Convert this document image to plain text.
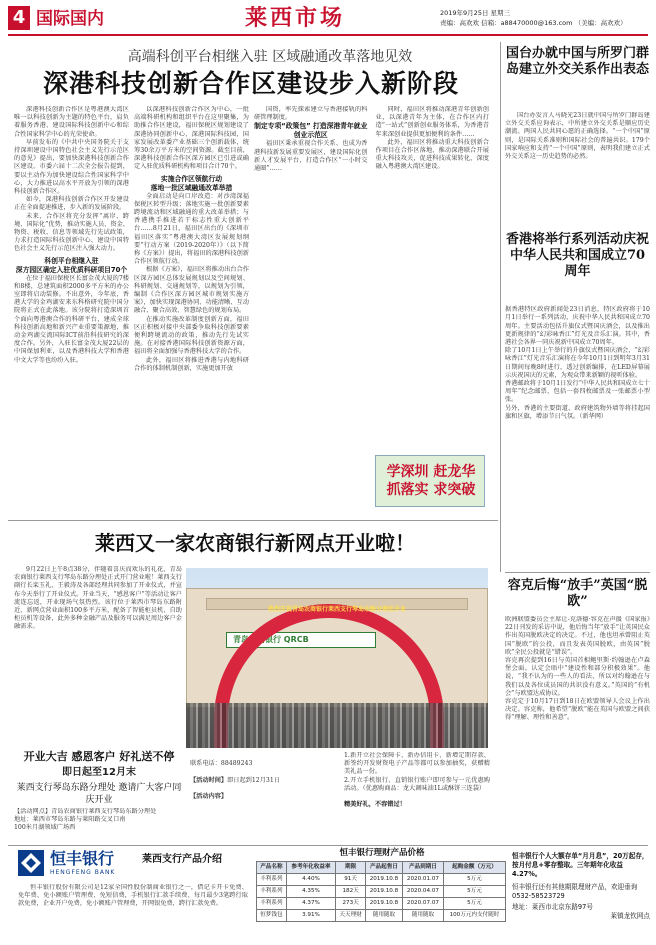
4 国际国内	莱西市场	2019年9月25日 星期三
责编：高欢欢 信箱：a88470000@163.com （美编：高欢欢）
高端科创平台相继入驻 区域融通改革落地见效
深港科技创新合作区建设步入新阶段

深港科技创新合作区是粤港澳大湾区唯一以科技创新为主题的特色平台，肩负着服务香港、建设国际科技创新中心和综合性国家科学中心的光荣使命。

早前发布的《中共中央国务院关于支持深圳建设中国特色社会主义先行示范区的意见》提出，要加快深港科技创新合作区建设。市委六届十二次全会报告提到，要以主动作为加快建设综合性国家科学中心，大力推进以高水平开放为引领的深港科技创新合作区。

如今，深港科技创新合作区开发建设正在全面提速推进，步入新的发展阶段。

未来，合作区将充分发挥“离岸、跨境、国际化”优势，推动实施人员、资金、物资、税收、信息等领域先行先试政策，力求打造国际科技创新中心、建设中国特色社会主义先行示范区注入强大动力。

科创平台相继入驻
深方园区确定入驻优质科研项目70个

在位于福田保税区长富金茂大厦的7楼和8楼，总建筑面积2000多平方米的办公室即将启动装修。不出意外，今年底，香港大学的金鸡湖安来东科格研究院中国分院将正式在此落地。该分院将打造深圳首个面向粤港澳合作的科研平台，建成全球科技创新高地和新兴产业重要策源地，推动金鸡湖交流国际ICT前沿科技研究的深度合作。另外，入驻长富金茂大厦22层的中国保加利亚，以及香港科技大学和香港中文大学等也纷纷入驻。

以深港科技创新合作区为中心，一批高端科研机构和组织平台在这里聚集，为助推合作区建设，福田保税区规划建设了深港协同创新中心、深港国际科技园，国家发展改革委产业基础三个创新载体，统筹30余万平方米的空间资源。截至目前，深港科技创新合作区深方园区已引进或确定入驻优质科研机构和项目合计70个。

实施合作区领航行动
落地一批区域融通改革举措

全面启动是向口岸改造：对沙湾深福保税区转型升级；落地实施一批创新要素跨境流动和区域融通的重大改革举措；与香港携手推进若干标志性重大创新平台……8月21日，福田区出台的《深圳市福田区落实“粤港澳大湾区发展规划纲要”行动方案（2019-2020年）》（以下简称《方案》）提出，将福田的深港科技创新合作区领航行动。

根据《方案》，福田区将推动出台合作区深方园区总体发展规划以及空间规划、科研规划、交通规划等，以规划为引领，编制《合作区深方园区城市规划实施方案》，加快实现深港协同、功能清晰、互动融合、聚合高效、智慧绿色的规划布局。

在推动实施改革制度创新方面，福田区正积极对接中央部委争取科技创新要素便利跨境流动的政策，推动先行先试实施。在对接香港国际科技创新资源方面，福田将全面加强与香港科技大学的合作。

此外，福田区将推进香港与内地科研合作的体制机制创新，实施更加开放

国资，率先探索建立与香港接轨的科研管理制度。

制定专项“政策包” 打造深港青年就业创业示范区

福田区秉承重视合作关系、也成为香港科技新发展重要发展区，建设国际化创新人才发展平台，打造合作区“一小时交通圈”……

同时，福田区将推动深港青年创新创业，以深港青年为主体，在合作区内打造“一站式”创新创业服务体系，为香港青年来深创业提供更加便利的条件……

此外，福田区将推动重大科技创新合作项目在合作区落地，推动深港联合开展重大科技攻关，促进科技成果转化，深度融入粤港澳大湾区建设。

学深圳 赶龙华
抓落实 求突破
国台办就中国与所罗门群岛建立外交关系作出表态
国台办发言人马晓光23日就中国与所罗门群岛建立外交关系应询表示，中所建立外交关系是顺应历史潮流、两国人民共同心愿的正确选择。“一个中国”原则，是国际关系准则和国际社会的普遍共识。179个国家响应和支持“一个中国”原则，表明我们建立正式外交关系这一历史趋势的必然。
香港将举行系列活动庆祝中华人民共和国成立70周年

据香港特区政府新闻处23日消息，特区政府将于10月1日举行一系列活动，庆祝中华人民共和国成立70周年。主要活动包括升旗仪式暨国庆酒会，以及推出更新规律的“幻彩咏香江”灯光及音乐汇演。其中，香港社会各界一同庆祝新中国成立70周年。
除了10月1日上午举行的升旗仪式暨国庆酒会，“幻彩咏香江”灯光音乐汇演将在今年10月1日到明年3月31日期间每晚8时进行，透过创新编排，在LED屏幕展示庆祝国庆的元素，为观众带来新颖的视听体验。
香港邮政将于10月1日发行“中华人民共和国成立七十周年”纪念邮票，包括一套四枚邮票及一张邮票小型张。
另外，香港的主要街道、政府建筑物外墙等将挂起国旗和区旗，增添节日气氛。（新华网）

容克后悔“放手”英国“脱欧”
欧洲联盟委员会主席让-克洛德·容克在声援《国家报》22日刊发的采访中说，他后悔当年“放手”让英国民众作出英国脱欧决定的决定。不过，他也坦承曾阻止英国“脱欧”的公投，而且发表英国脱欧，由英国“脱欧”全民公投就是“错误”。
容克再次提到16日与英国首相鲍里斯·约翰逊在卢森堡会面。认定会晤中“建设性和部分积极效果”。他说，“我不认为的一些人的看法，所以对约翰逊在与我们以及各位成员国的共识没有意义。”英国的“有机会”与欧盟达成协议。
容克定于10月17日到18日在欧盟领导人会议上作出决定。容克称，他希望“脱欧”能在英国与欧盟之间获得“理解、理性和善意”。
莱西又一家农商银行新网点开业啦！
9月22日上午8点38分，伴随着喜庆而欢乐的礼花，青岛农商银行莱西支行琴岛东路分理处正式开门营业啦！莱西支行副行长栾玉礼、王毅涛及各部经理共同参加了开业仪式，并宣布今天举行了开业仪式。开业当天，“感恩客户”等活动让客户流连忘返，开业现场气氛热烈。该行位于莱西市琴岛东路附近，新网点营业面积100多平方米，配备了智能柜员机、自助柜员机等设备，此外多种金融产品及服务可以满足周边客户金融需求。
青岛农商银行 QRCB
热烈庆祝青岛农商银行莱西支行琴岛东路分理处开业
开业大吉 感恩客户 好礼送不停
即日起至12月末
莱西支行琴岛东路分理处 邀请广大客户同庆开业
【活动网点】青岛农商银行莱西支行琴岛东路分理处
地址：莱西市琴岛东路与莱阳路交叉口南
100米月湖领域广场西

联系电话：88489243

【活动时间】即日起到12月31日

【活动内容】

1.新开立社会保障卡、新办信用卡、新增定期存款、新签约开发财资电子产品等都可以参加抽奖，获赠精美礼品一份。
2.开立手机银行、直销银行账户即可参与一元优惠购活动。（优惠购商品：龙大调味油1L或酥饼三连袋）

精美好礼，不容错过！

恒丰银行
HENGFENG BANK
莱西支行产品介绍
恒丰银行股份有限公司是12家全国性股份制商业银行之一，借记卡开卡免费、免年费、免小额账户管理费、免短信费，手机银行汇款手续费、每月最少3笔跨行取款免费，企业开户免费，免小额账户管理费，开网银免费，跨行汇款免费。
恒丰银行理财产品价格
产品名称	参考年化收益率	期限	产品起售日	产品到期日	起购金额（万元）
丰利系列	4.40%	91天	2019.10.8	2020.01.07	5万元
丰利系列	4.35%	182天	2019.10.8	2020.04.07	5万元
丰利系列	4.37%	273天	2019.10.8	2020.07.07	5万元
恒梦钱包	3.91%	天天理财	随用随取	随用随取	100万元内支付随时
恒丰银行个人大额存单“月月息”，20万起存，按月付息+零存整取。三年期年化收益4.27%。
恒丰银行还有其他期限理财产品，欢迎垂询0532-58523729
地址：莱西市北京东路97号
莱镇龙钦网点
